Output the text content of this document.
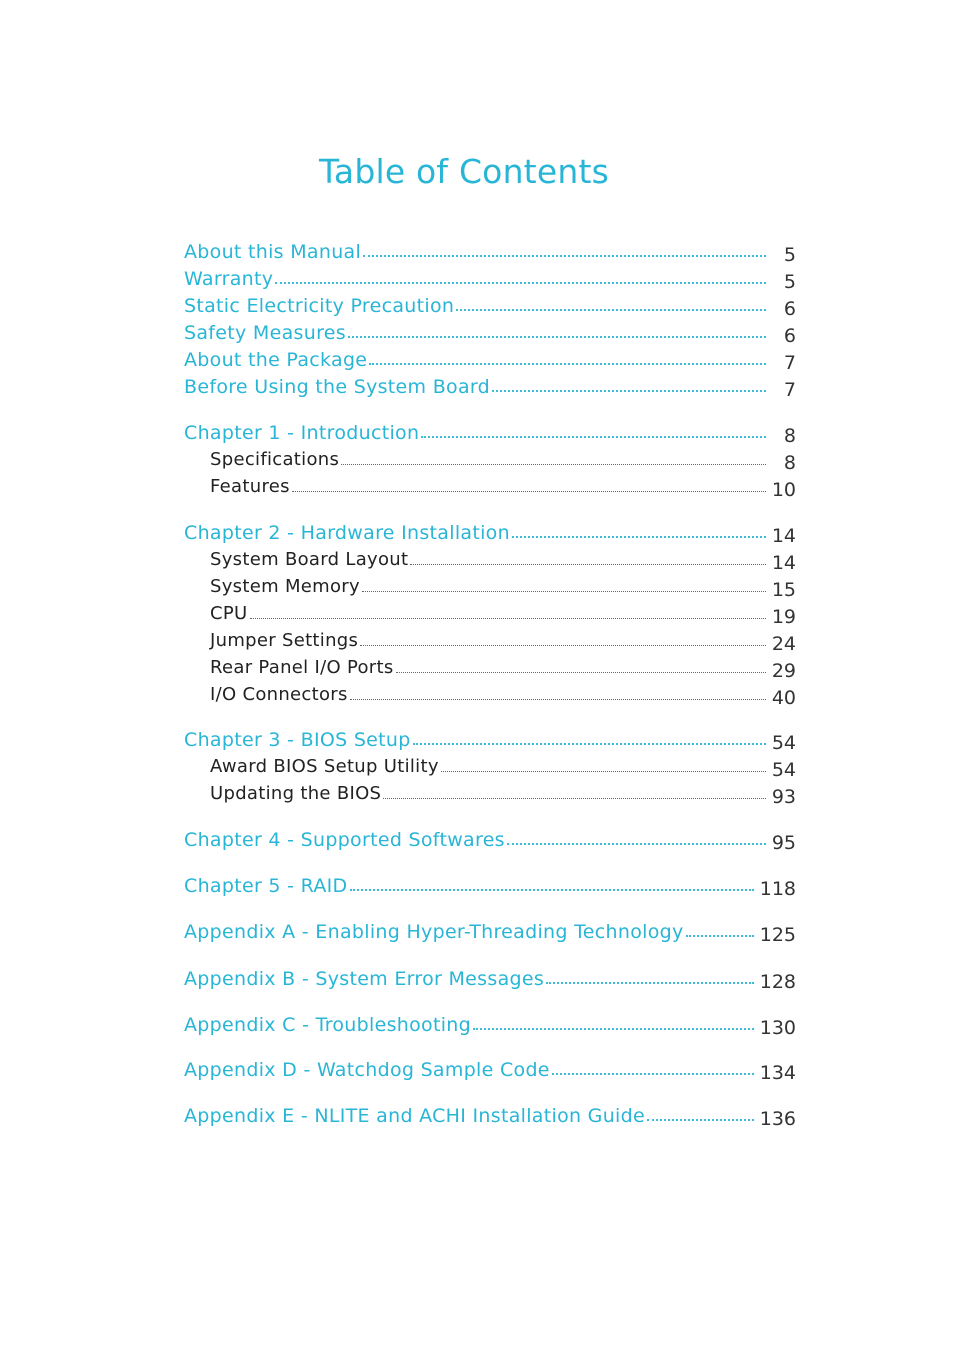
Table of Contents
About this Manual	5
Warranty	5
Static Electricity Precaution	6
Safety Measures	6
About the Package	7
Before Using the System Board	7
Chapter 1 - Introduction	8
Specifications	8
Features	10
Chapter 2 - Hardware Installation	14
System Board Layout	14
System Memory	15
CPU	19
Jumper Settings	24
Rear Panel I/O Ports	29
I/O Connectors	40
Chapter 3 - BIOS Setup	54
Award BIOS Setup Utility	54
Updating the BIOS	93
Chapter 4 - Supported Softwares	95
Chapter 5 - RAID	118
Appendix A - Enabling Hyper-Threading Technology	125
Appendix B - System Error Messages	128
Appendix C - Troubleshooting	130
Appendix D - Watchdog Sample Code	134
Appendix E - NLITE and ACHI Installation Guide	136
